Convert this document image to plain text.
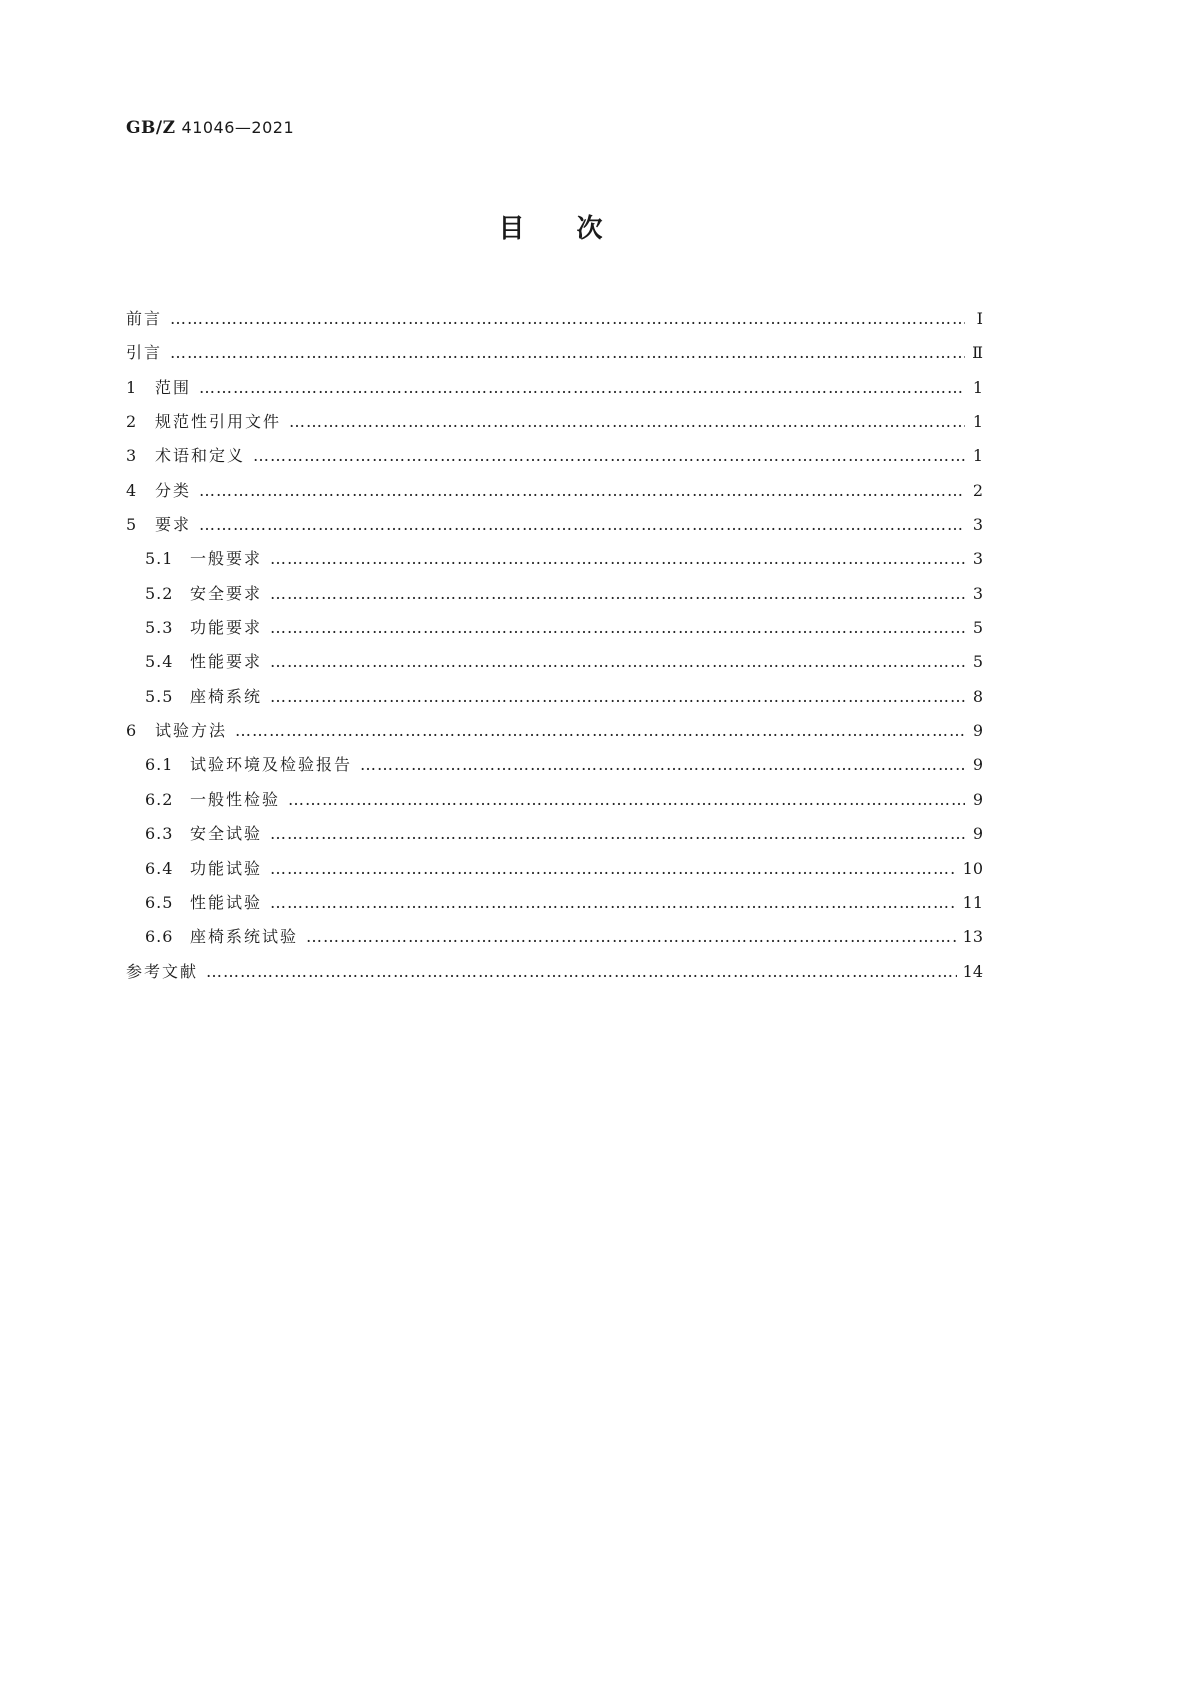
GB/Z 41046—2021
目次
前言 ……………………………………………………………………………………………………………………………………………………………………………………………………	Ⅰ
引言 ……………………………………………………………………………………………………………………………………………………………………………………………………	Ⅱ
1	范围 ……………………………………………………………………………………………………………………………………………………………………………………………………	1
2	规范性引用文件 ……………………………………………………………………………………………………………………………………………………………………………………………………	1
3	术语和定义 ……………………………………………………………………………………………………………………………………………………………………………………………………	1
4	分类 ……………………………………………………………………………………………………………………………………………………………………………………………………	2
5	要求 ……………………………………………………………………………………………………………………………………………………………………………………………………	3
5.1	一般要求 ……………………………………………………………………………………………………………………………………………………………………………………………………	3
5.2	安全要求 ……………………………………………………………………………………………………………………………………………………………………………………………………	3
5.3	功能要求 ……………………………………………………………………………………………………………………………………………………………………………………………………	5
5.4	性能要求 ……………………………………………………………………………………………………………………………………………………………………………………………………	5
5.5	座椅系统 ……………………………………………………………………………………………………………………………………………………………………………………………………	8
6	试验方法 ……………………………………………………………………………………………………………………………………………………………………………………………………	9
6.1	试验环境及检验报告 ……………………………………………………………………………………………………………………………………………………………………………………………………	9
6.2	一般性检验 ……………………………………………………………………………………………………………………………………………………………………………………………………	9
6.3	安全试验 ……………………………………………………………………………………………………………………………………………………………………………………………………	9
6.4	功能试验 ……………………………………………………………………………………………………………………………………………………………………………………………………	10
6.5	性能试验 ……………………………………………………………………………………………………………………………………………………………………………………………………	11
6.6	座椅系统试验 ……………………………………………………………………………………………………………………………………………………………………………………………………	13
参考文献 ……………………………………………………………………………………………………………………………………………………………………………………………………	14
